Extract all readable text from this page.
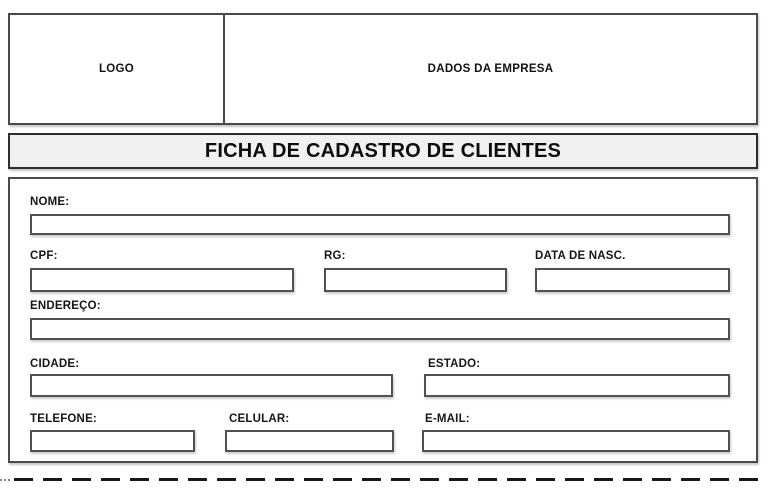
LOGO	DADOS DA EMPRESA
FICHA DE CADASTRO DE CLIENTES
NOME:
CPF:	RG:	DATA DE NASC.
ENDEREÇO:
CIDADE:	ESTADO:
TELEFONE:	CELULAR:	E-MAIL:
